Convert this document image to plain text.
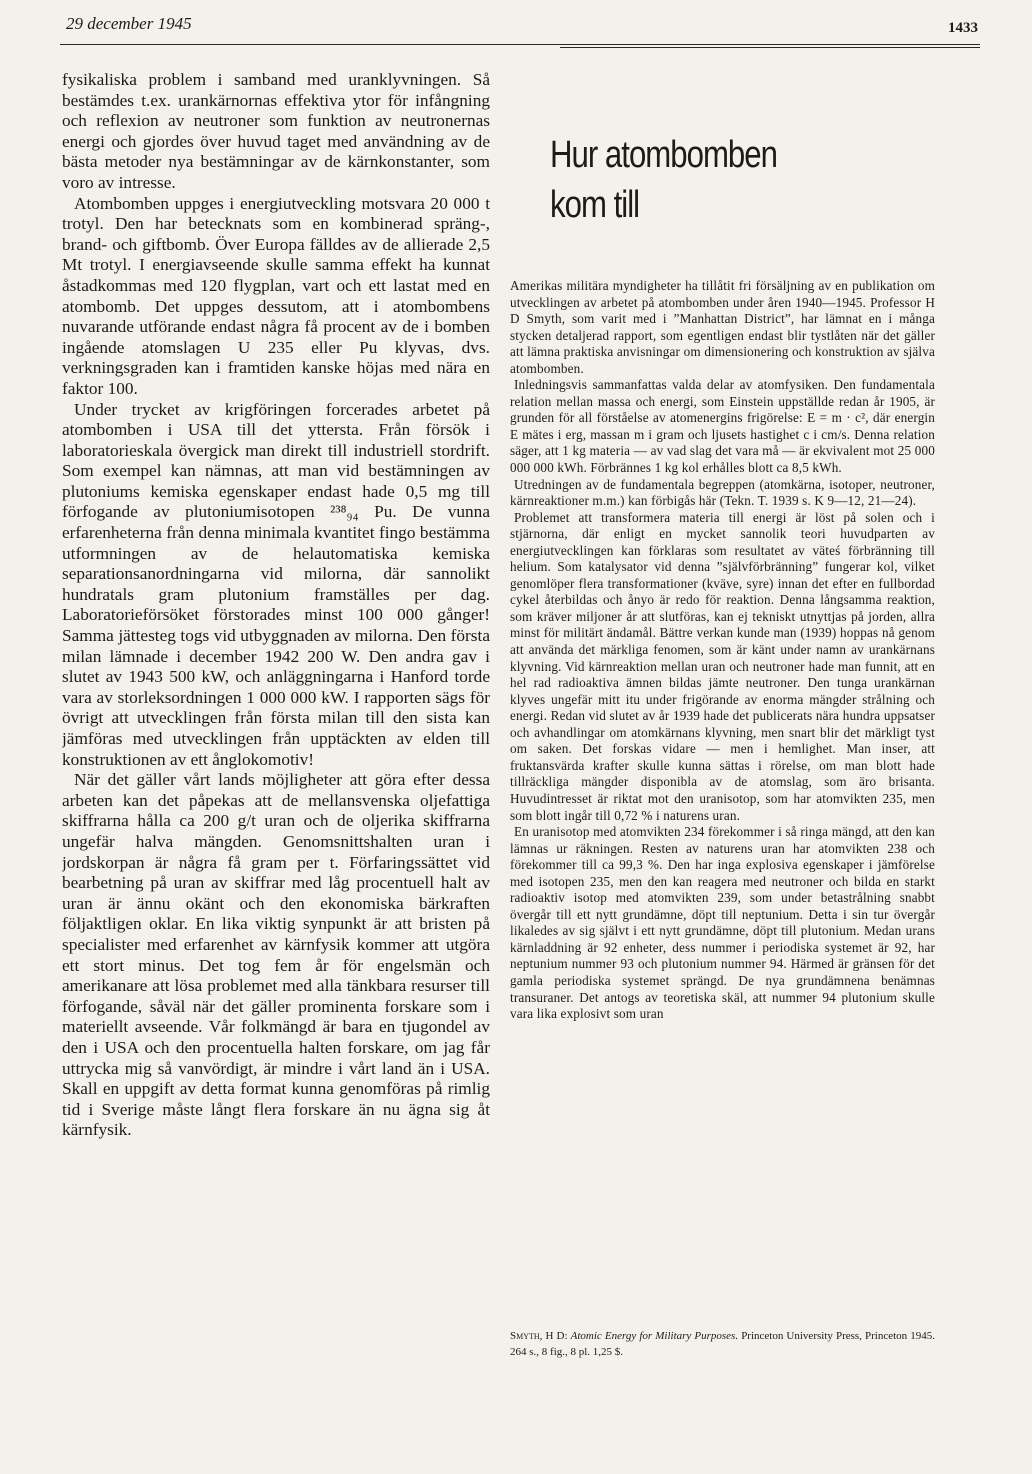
29 december 1945	1433

fysikaliska problem i samband med uranklyvningen. Så bestämdes t.ex. urankärnornas effektiva ytor för infångning och reflexion av neutroner som funktion av neutronernas energi och gjordes över huvud taget med användning av de bästa metoder nya bestämningar av de kärnkonstanter, som voro av intresse.

Atombomben uppges i energiutveckling motsvara 20 000 t trotyl. Den har betecknats som en kombinerad spräng-, brand- och giftbomb. Över Europa fälldes av de allierade 2,5 Mt trotyl. I energiavseende skulle samma effekt ha kunnat åstadkommas med 120 flygplan, vart och ett lastat med en atombomb. Det uppges dessutom, att i atombombens nuvarande utförande endast några få procent av de i bomben ingående atomslagen U 235 eller Pu klyvas, dvs. verkningsgraden kan i framtiden kanske höjas med nära en faktor 100.

Under trycket av krigföringen forcerades arbetet på atombomben i USA till det yttersta. Från försök i laboratorieskala övergick man direkt till industriell stordrift. Som exempel kan nämnas, att man vid bestämningen av plutoniums kemiska egenskaper endast hade 0,5 mg till förfogande av plutoniumisotopen ²³⁸₉₄ Pu. De vunna erfarenheterna från denna minimala kvantitet fingo bestämma utformningen av de helautomatiska kemiska separationsanordningarna vid milorna, där sannolikt hundratals gram plutonium framställes per dag. Laboratorieförsöket förstorades minst 100 000 gånger! Samma jättesteg togs vid utbyggnaden av milorna. Den första milan lämnade i december 1942 200 W. Den andra gav i slutet av 1943 500 kW, och anläggningarna i Hanford torde vara av storleksordningen 1 000 000 kW. I rapporten sägs för övrigt att utvecklingen från första milan till den sista kan jämföras med utvecklingen från upptäckten av elden till konstruktionen av ett ånglokomotiv!

När det gäller vårt lands möjligheter att göra efter dessa arbeten kan det påpekas att de mellansvenska oljefattiga skiffrarna hålla ca 200 g/t uran och de oljerika skiffrarna ungefär halva mängden. Genomsnittshalten uran i jordskorpan är några få gram per t. Förfaringssättet vid bearbetning på uran av skiffrar med låg procentuell halt av uran är ännu okänt och den ekonomiska bärkraften följaktligen oklar. En lika viktig synpunkt är att bristen på specialister med erfarenhet av kärnfysik kommer att utgöra ett stort minus. Det tog fem år för engelsmän och amerikanare att lösa problemet med alla tänkbara resurser till förfogande, såväl när det gäller prominenta forskare som i materiellt avseende. Vår folkmängd är bara en tjugondel av den i USA och den procentuella halten forskare, om jag får uttrycka mig så vanvördigt, är mindre i vårt land än i USA. Skall en uppgift av detta format kunna genomföras på rimlig tid i Sverige måste långt flera forskare än nu ägna sig åt kärnfysik.

Hur atombomben
kom till

Amerikas militära myndigheter ha tillåtit fri försäljning av en publikation om utvecklingen av arbetet på atombomben under åren 1940—1945. Professor H D Smyth, som varit med i ”Manhattan District”, har lämnat en i många stycken detaljerad rapport, som egentligen endast blir tystlåten när det gäller att lämna praktiska anvisningar om dimensionering och konstruktion av själva atombomben.

Inledningsvis sammanfattas valda delar av atomfysiken. Den fundamentala relation mellan massa och energi, som Einstein uppställde redan år 1905, är grunden för all förståelse av atomenergins frigörelse: E = m · c², där energin E mätes i erg, massan m i gram och ljusets hastighet c i cm/s. Denna relation säger, att 1 kg materia — av vad slag det vara må — är ekvivalent mot 25 000 000 000 kWh. Förbrännes 1 kg kol erhålles blott ca 8,5 kWh.

Utredningen av de fundamentala begreppen (atomkärna, isotoper, neutroner, kärnreaktioner m.m.) kan förbigås här (Tekn. T. 1939 s. K 9—12, 21—24).

Problemet att transformera materia till energi är löst på solen och i stjärnorna, där enligt en mycket sannolik teori huvudparten av energiutvecklingen kan förklaras som resultatet av väteś förbränning till helium. Som katalysator vid denna ”självförbränning” fungerar kol, vilket genomlöper flera transformationer (kväve, syre) innan det efter en fullbordad cykel återbildas och ånyo är redo för reaktion. Denna långsamma reaktion, som kräver miljoner år att slutföras, kan ej tekniskt utnyttjas på jorden, allra minst för militärt ändamål. Bättre verkan kunde man (1939) hoppas nå genom att använda det märkliga fenomen, som är känt under namn av urankärnans klyvning. Vid kärnreaktion mellan uran och neutroner hade man funnit, att en hel rad radioaktiva ämnen bildas jämte neutroner. Den tunga urankärnan klyves ungefär mitt itu under frigörande av enorma mängder strålning och energi. Redan vid slutet av år 1939 hade det publicerats nära hundra uppsatser och avhandlingar om atomkärnans klyvning, men snart blir det märkligt tyst om saken. Det forskas vidare — men i hemlighet. Man inser, att fruktansvärda krafter skulle kunna sättas i rörelse, om man blott hade tillräckliga mängder disponibla av de atomslag, som äro brisanta. Huvudintresset är riktat mot den uranisotop, som har atomvikten 235, men som blott ingår till 0,72 % i naturens uran.

En uranisotop med atomvikten 234 förekommer i så ringa mängd, att den kan lämnas ur räkningen. Resten av naturens uran har atomvikten 238 och förekommer till ca 99,3 %. Den har inga explosiva egenskaper i jämförelse med isotopen 235, men den kan reagera med neutroner och bilda en starkt radioaktiv isotop med atomvikten 239, som under betastrålning snabbt övergår till ett nytt grundämne, döpt till neptunium. Detta i sin tur övergår likaledes av sig självt i ett nytt grundämne, döpt till plutonium. Medan urans kärnladdning är 92 enheter, dess nummer i periodiska systemet är 92, har neptunium nummer 93 och plutonium nummer 94. Härmed är gränsen för det gamla periodiska systemet sprängd. De nya grundämnena benämnas transuraner. Det antogs av teoretiska skäl, att nummer 94 plutonium skulle vara lika explosivt som uran

Smyth, H D: Atomic Energy for Military Purposes. Princeton University Press, Princeton 1945. 264 s., 8 fig., 8 pl. 1,25 $.
